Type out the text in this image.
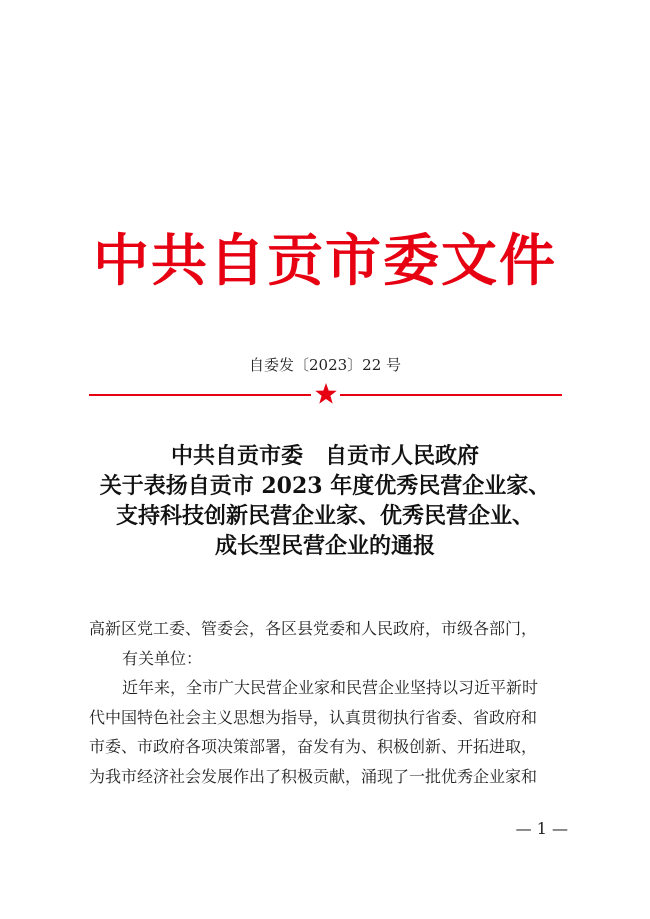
中共自贡市委文件
自委发〔2023〕22 号
中共自贡市委　自贡市人民政府
关于表扬自贡市 2023 年度优秀民营企业家、
支持科技创新民营企业家、优秀民营企业、
成长型民营企业的通报
高新区党工委、管委会，各区县党委和人民政府，市级各部门，
有关单位：
近年来，全市广大民营企业家和民营企业坚持以习近平新时
代中国特色社会主义思想为指导，认真贯彻执行省委、省政府和
市委、市政府各项决策部署，奋发有为、积极创新、开拓进取，
为我市经济社会发展作出了积极贡献，涌现了一批优秀企业家和
— 1 —
